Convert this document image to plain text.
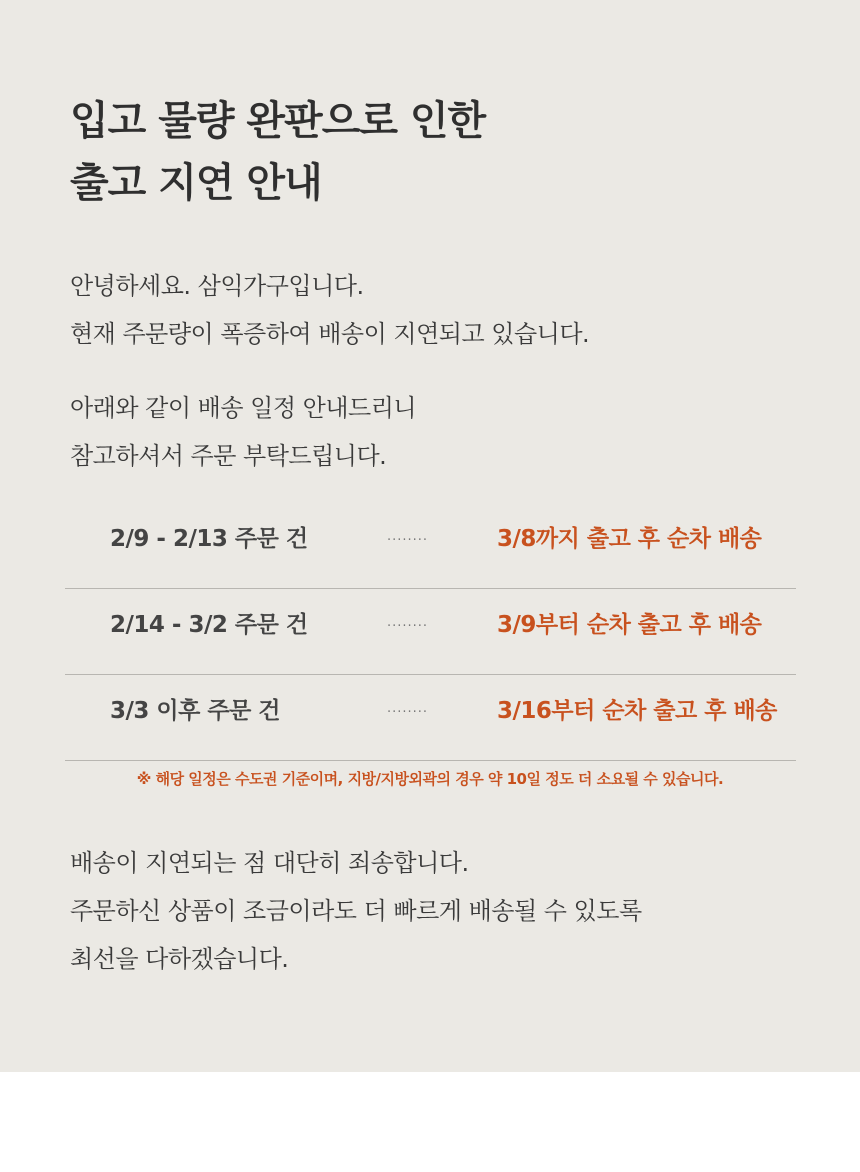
입고 물량 완판으로 인한
출고 지연 안내

안녕하세요. 삼익가구입니다.
현재 주문량이 폭증하여 배송이 지연되고 있습니다.

아래와 같이 배송 일정 안내드리니
참고하셔서 주문 부탁드립니다.

2/9 - 2/13 주문 건	........	3/8까지 출고 후 순차 배송
2/14 - 3/2 주문 건	........	3/9부터 순차 출고 후 배송
3/3 이후 주문 건	........	3/16부터 순차 출고 후 배송

※ 해당 일정은 수도권 기준이며, 지방/지방외곽의 경우 약 10일 정도 더 소요될 수 있습니다.

배송이 지연되는 점 대단히 죄송합니다.
주문하신 상품이 조금이라도 더 빠르게 배송될 수 있도록
최선을 다하겠습니다.
